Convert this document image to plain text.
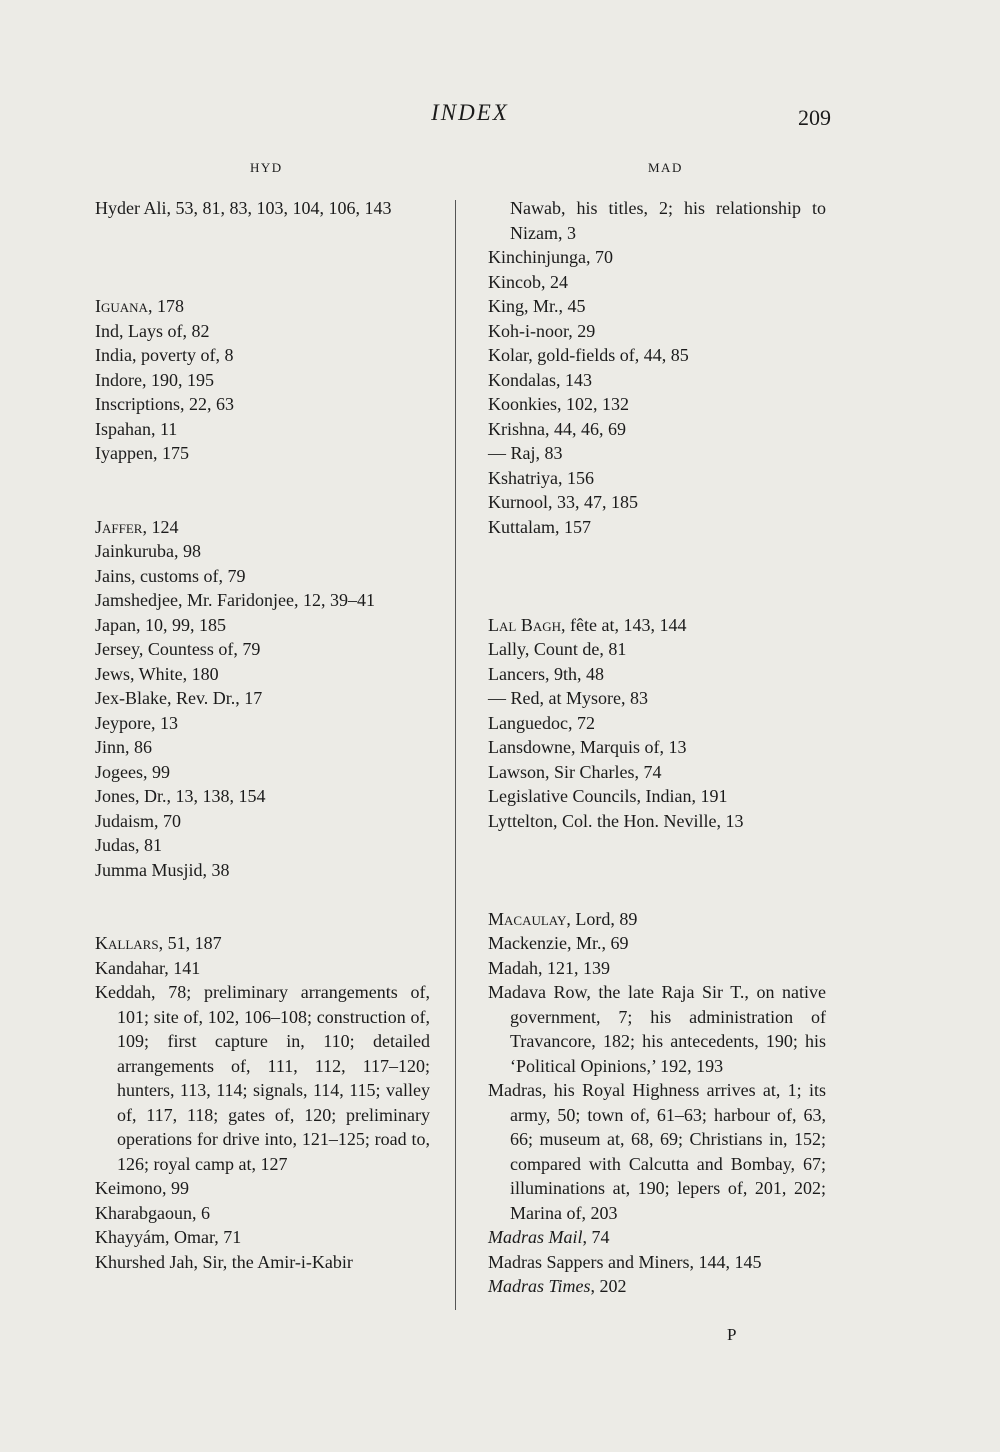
INDEX	209
HYD	MAD
Hyder Ali, 53, 81, 83, 103, 104, 106, 143
Iguana, 178
Ind, Lays of, 82
India, poverty of, 8
Indore, 190, 195
Inscriptions, 22, 63
Ispahan, 11
Iyappen, 175
Jaffer, 124
Jainkuruba, 98
Jains, customs of, 79
Jamshedjee, Mr. Faridonjee, 12, 39–41
Japan, 10, 99, 185
Jersey, Countess of, 79
Jews, White, 180
Jex-Blake, Rev. Dr., 17
Jeypore, 13
Jinn, 86
Jogees, 99
Jones, Dr., 13, 138, 154
Judaism, 70
Judas, 81
Jumma Musjid, 38
Kallars, 51, 187
Kandahar, 141
Keddah, 78; preliminary arrangements of, 101; site of, 102, 106–108; construction of, 109; first capture in, 110; detailed arrangements of, 111, 112, 117–120; hunters, 113, 114; signals, 114, 115; valley of, 117, 118; gates of, 120; preliminary operations for drive into, 121–125; road to, 126; royal camp at, 127
Keimono, 99
Kharabgaoun, 6
Khayyám, Omar, 71
Khurshed Jah, Sir, the Amir-i-Kabir
Nawab, his titles, 2; his relationship to Nizam, 3
Kinchinjunga, 70
Kincob, 24
King, Mr., 45
Koh-i-noor, 29
Kolar, gold-fields of, 44, 85
Kondalas, 143
Koonkies, 102, 132
Krishna, 44, 46, 69
— Raj, 83
Kshatriya, 156
Kurnool, 33, 47, 185
Kuttalam, 157
Lal Bagh, fête at, 143, 144
Lally, Count de, 81
Lancers, 9th, 48
— Red, at Mysore, 83
Languedoc, 72
Lansdowne, Marquis of, 13
Lawson, Sir Charles, 74
Legislative Councils, Indian, 191
Lyttelton, Col. the Hon. Neville, 13
Macaulay, Lord, 89
Mackenzie, Mr., 69
Madah, 121, 139
Madava Row, the late Raja Sir T., on native government, 7; his administration of Travancore, 182; his antecedents, 190; his ‘Political Opinions,’ 192, 193
Madras, his Royal Highness arrives at, 1; its army, 50; town of, 61–63; harbour of, 63, 66; museum at, 68, 69; Christians in, 152; compared with Calcutta and Bombay, 67; illuminations at, 190; lepers of, 201, 202; Marina of, 203
Madras Mail, 74
Madras Sappers and Miners, 144, 145
Madras Times, 202
P
